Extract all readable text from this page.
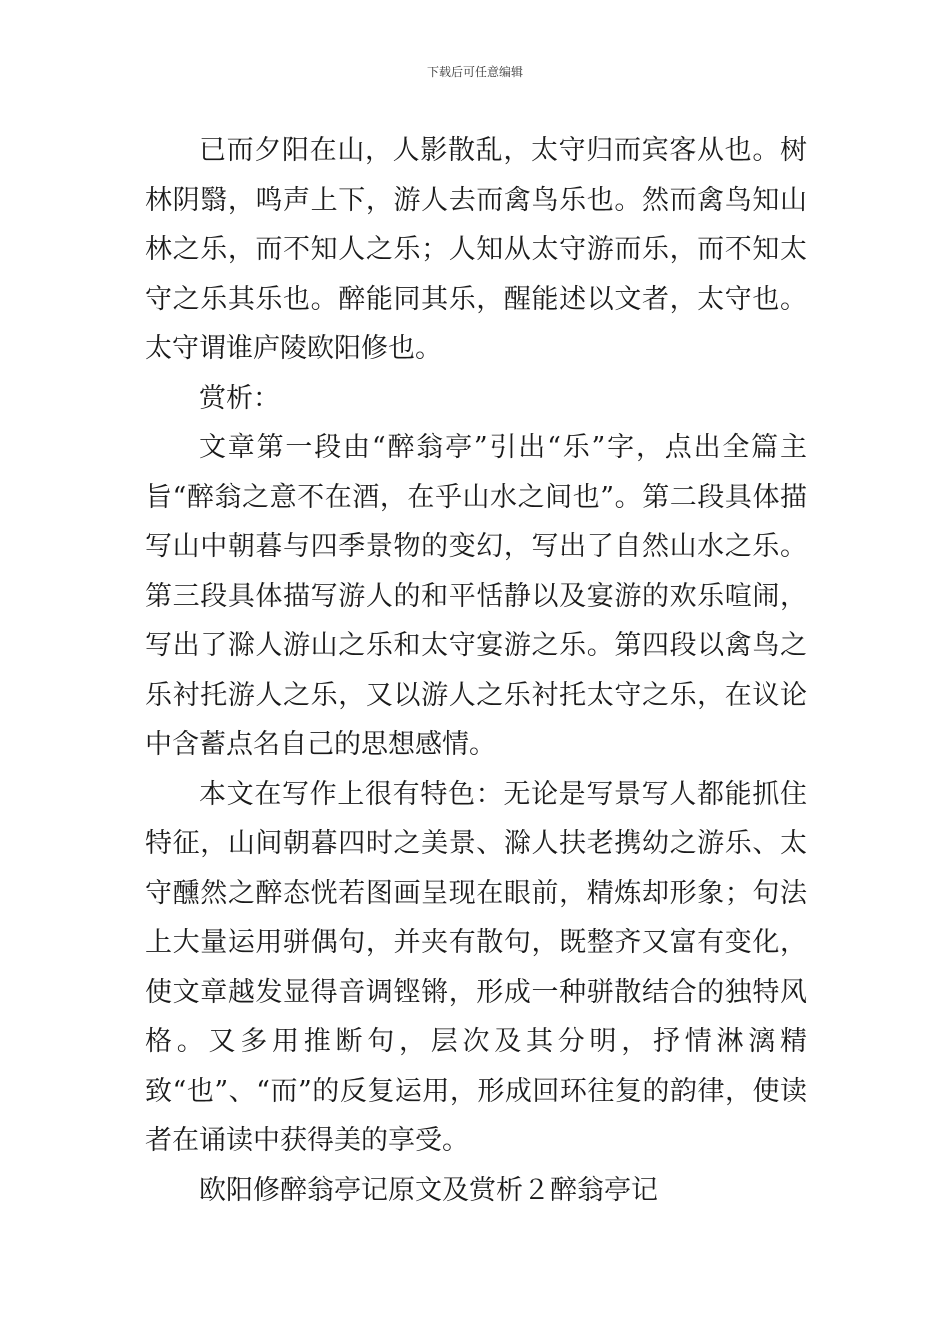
下载后可任意编辑

已而夕阳在山，人影散乱，太守归而宾客从也。树林阴翳，鸣声上下，游人去而禽鸟乐也。然而禽鸟知山林之乐，而不知人之乐；人知从太守游而乐，而不知太守之乐其乐也。醉能同其乐，醒能述以文者，太守也。太守谓谁庐陵欧阳修也。

赏析：

文章第一段由“醉翁亭”引出“乐”字，点出全篇主旨“醉翁之意不在酒，在乎山水之间也”。第二段具体描写山中朝暮与四季景物的变幻，写出了自然山水之乐。第三段具体描写游人的和平恬静以及宴游的欢乐喧闹，写出了滁人游山之乐和太守宴游之乐。第四段以禽鸟之乐衬托游人之乐，又以游人之乐衬托太守之乐，在议论中含蓄点名自己的思想感情。

本文在写作上很有特色：无论是写景写人都能抓住特征，山间朝暮四时之美景、滁人扶老携幼之游乐、太守醺然之醉态恍若图画呈现在眼前，精炼却形象；句法上大量运用骈偶句，并夹有散句，既整齐又富有变化，使文章越发显得音调铿锵，形成一种骈散结合的独特风格。又多用推断句，层次及其分明，抒情淋漓精致“也”、“而”的反复运用，形成回环往复的韵律，使读者在诵读中获得美的享受。

欧阳修醉翁亭记原文及赏析２醉翁亭记
